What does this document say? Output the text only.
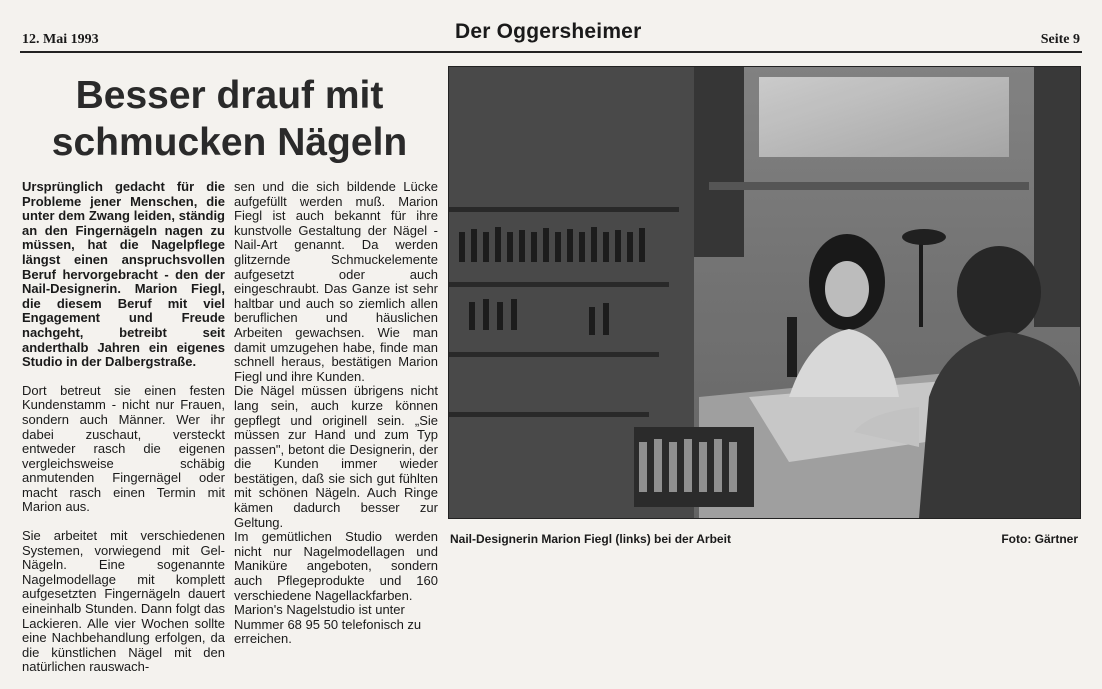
12. Mai 1993	Der Oggersheimer	Seite 9
Besser drauf mit
schmucken Nägeln

Ursprünglich gedacht für die Probleme jener Menschen, die unter dem Zwang leiden, ständig an den Fingernägeln nagen zu müssen, hat die Nagelpflege längst einen anspruchsvollen Beruf hervorgebracht - den der Nail-Designerin. Marion Fiegl, die diesem Beruf mit viel Engagement und Freude nachgeht, betreibt seit anderthalb Jahren ein eigenes Studio in der Dalbergstraße.

Dort betreut sie einen festen Kundenstamm - nicht nur Frauen, sondern auch Männer. Wer ihr dabei zuschaut, versteckt entweder rasch die eigenen vergleichsweise schäbig anmutenden Fingernägel oder macht rasch einen Termin mit Marion aus.

Sie arbeitet mit verschiedenen Systemen, vorwiegend mit Gel-Nägeln. Eine sogenannte Nagelmodellage mit komplett aufgesetzten Fingernägeln dauert eineinhalb Stunden. Dann folgt das Lackieren. Alle vier Wochen sollte eine Nachbehandlung erfolgen, da die künstlichen Nägel mit den natürlichen rauswach-

sen und die sich bildende Lücke aufgefüllt werden muß. Marion Fiegl ist auch bekannt für ihre kunstvolle Gestaltung der Nägel - Nail-Art genannt. Da werden glitzernde Schmuckelemente aufgesetzt oder auch eingeschraubt. Das Ganze ist sehr haltbar und auch so ziemlich allen beruflichen und häuslichen Arbeiten gewachsen. Wie man damit umzugehen habe, finde man schnell heraus, bestätigen Marion Fiegl und ihre Kunden.

Die Nägel müssen übrigens nicht lang sein, auch kurze können gepflegt und originell sein. „Sie müssen zur Hand und zum Typ passen", betont die Designerin, der die Kunden immer wieder bestätigen, daß sie sich gut fühlten mit schönen Nägeln. Auch Ringe kämen dadurch besser zur Geltung.

Im gemütlichen Studio werden nicht nur Nagelmodellagen und Maniküre angeboten, sondern auch Pflegeprodukte und 160 verschiedene Nagellackfarben.

Marion's Nagelstudio ist unter Nummer 68 95 50 telefonisch zu erreichen.

Nail-Designerin Marion Fiegl (links) bei der Arbeit	Foto: Gärtner
